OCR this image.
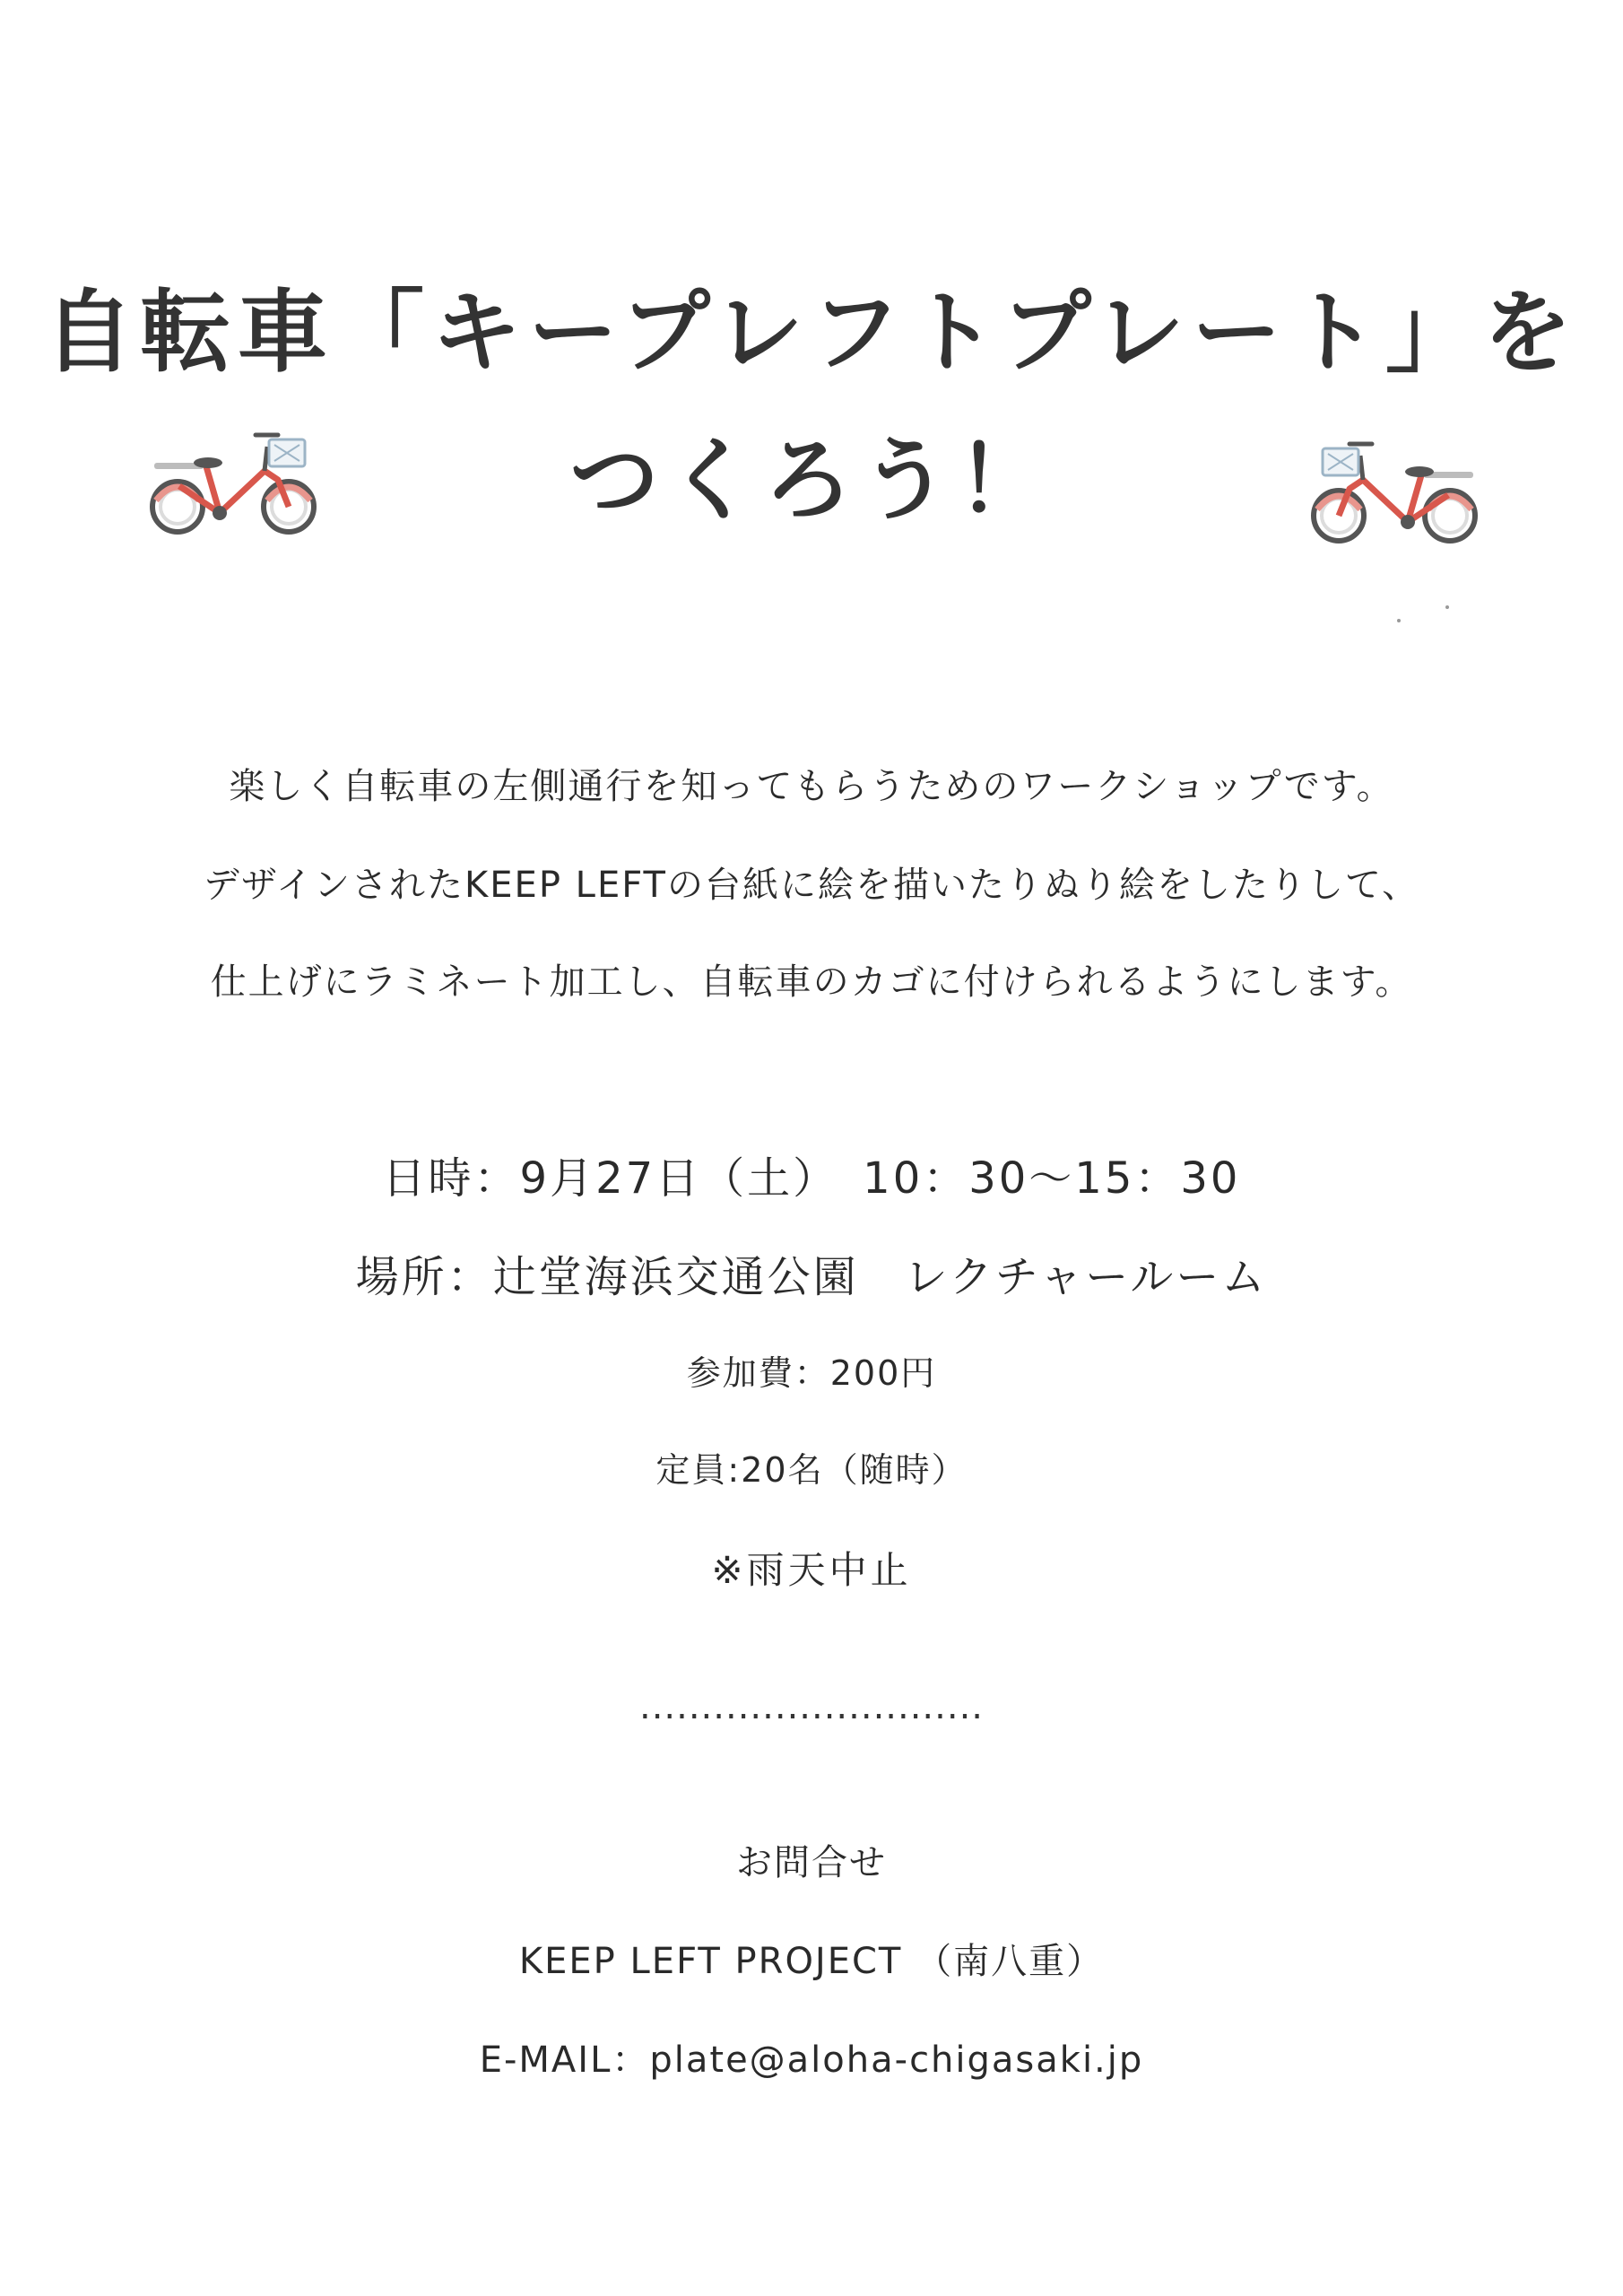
自転車「キープレフトプレート」を
つくろう！
楽しく自転車の左側通行を知ってもらうためのワークショップです。
デザインされたKEEP LEFTの台紙に絵を描いたりぬり絵をしたりして、
仕上げにラミネート加工し、自転車のカゴに付けられるようにします。
日時：9月27日（土）　10：30～15：30
場所：辻堂海浜交通公園　レクチャールーム
参加費：200円
定員:20名（随時）
※雨天中止
............................
お問合せ
KEEP LEFT PROJECT （南八重）
E-MAIL：plate@aloha-chigasaki.jp
